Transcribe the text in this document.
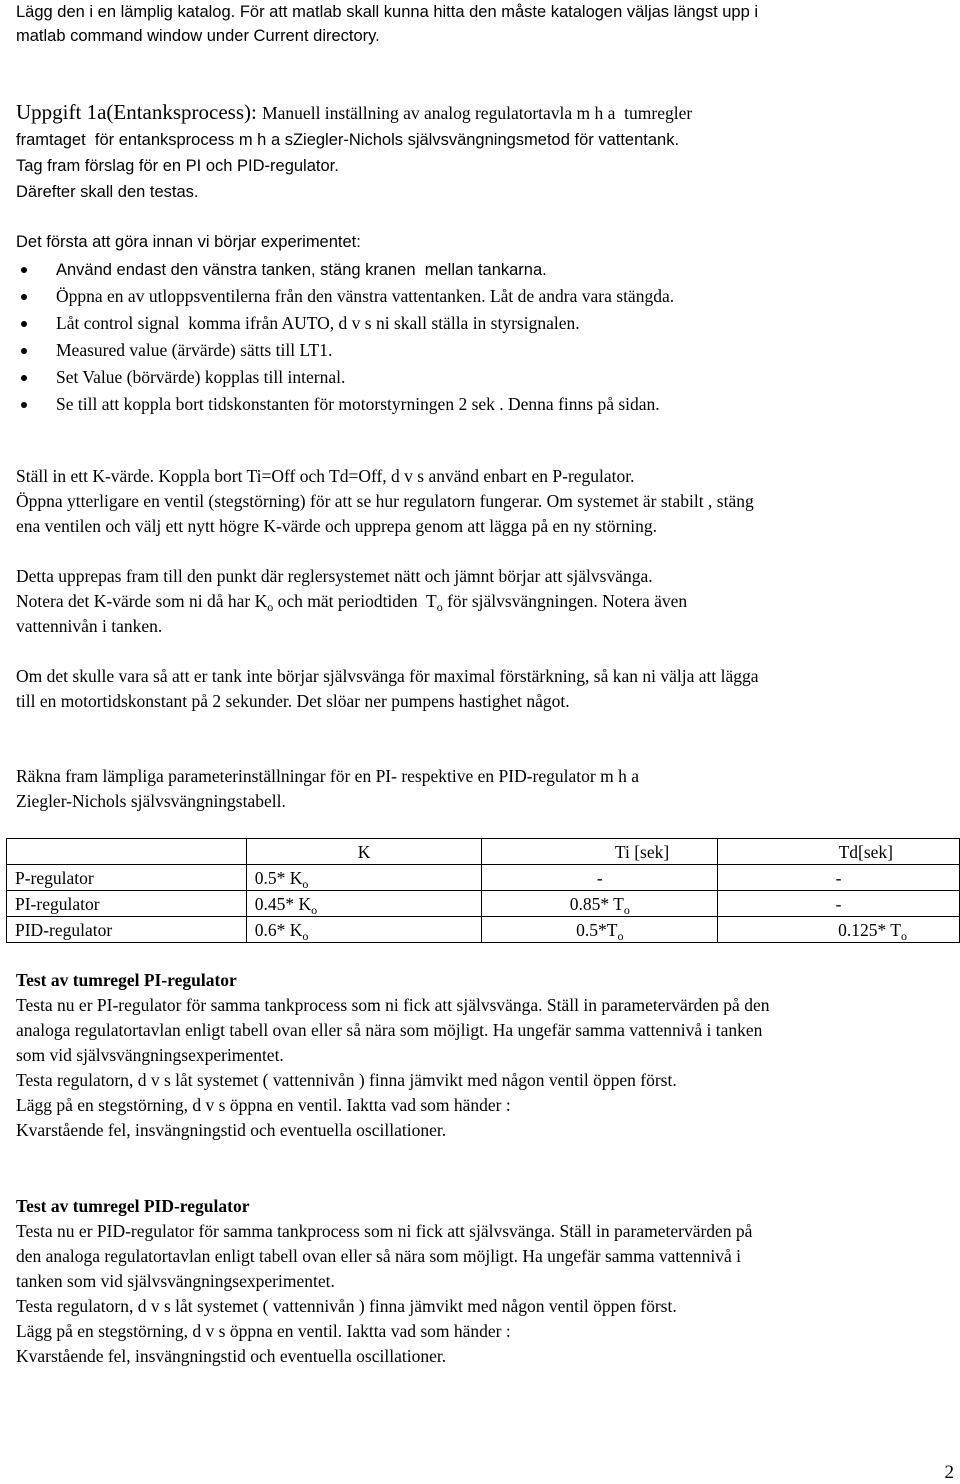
Lägg den i en lämplig katalog. För att matlab skall kunna hitta den måste katalogen väljas längst upp i
matlab command window under Current directory.
Uppgift 1a(Entanksprocess): Manuell inställning av analog regulatortavla m h a  tumregler
framtaget  för entanksprocess m h a sZiegler-Nichols självsvängningsmetod för vattentank.
Tag fram förslag för en PI och PID-regulator.
Därefter skall den testas.
Det första att göra innan vi börjar experimentet:
Använd endast den vänstra tanken, stäng kranen  mellan tankarna.
Öppna en av utloppsventilerna från den vänstra vattentanken. Låt de andra vara stängda.
Låt control signal  komma ifrån AUTO, d v s ni skall ställa in styrsignalen.
Measured value (ärvärde) sätts till LT1.
Set Value (börvärde) kopplas till internal.
Se till att koppla bort tidskonstanten för motorstyrningen 2 sek . Denna finns på sidan.
Ställ in ett K-värde. Koppla bort Ti=Off och Td=Off, d v s använd enbart en P-regulator.
Öppna ytterligare en ventil (stegstörning) för att se hur regulatorn fungerar. Om systemet är stabilt , stäng
ena ventilen och välj ett nytt högre K-värde och upprepa genom att lägga på en ny störning.
Detta upprepas fram till den punkt där reglersystemet nätt och jämnt börjar att självsvänga.
Notera det K-värde som ni då har $K_o$ och mät periodtiden  $T_o$ för självsvängningen. Notera även
vattennivån i tanken.
Om det skulle vara så att er tank inte börjar självsvänga för maximal förstärkning, så kan ni välja att lägga
till en motortidskonstant på 2 sekunder. Det slöar ner pumpens hastighet något.
Räkna fram lämpliga parameterinställningar för en PI- respektive en PID-regulator m h a
Ziegler-Nichols självsvängningstabell.
	K	Ti [sek]	Td[sek]
P-regulator	0.5* $K_o$	-	-
PI-regulator	0.45* $K_o$	0.85* $T_o$	-
PID-regulator	0.6* $K_o$	$0.5*T_o$	0.125* $T_o$
Test av tumregel PI-regulator
Testa nu er PI-regulator för samma tankprocess som ni fick att självsvänga. Ställ in parametervärden på den
analoga regulatortavlan enligt tabell ovan eller så nära som möjligt. Ha ungefär samma vattennivå i tanken
som vid självsvängningsexperimentet.
Testa regulatorn, d v s låt systemet ( vattennivån ) finna jämvikt med någon ventil öppen först.
Lägg på en stegstörning, d v s öppna en ventil. Iaktta vad som händer :
Kvarstående fel, insvängningstid och eventuella oscillationer.
Test av tumregel PID-regulator
Testa nu er PID-regulator för samma tankprocess som ni fick att självsvänga. Ställ in parametervärden på
den analoga regulatortavlan enligt tabell ovan eller så nära som möjligt. Ha ungefär samma vattennivå i
tanken som vid självsvängningsexperimentet.
Testa regulatorn, d v s låt systemet ( vattennivån ) finna jämvikt med någon ventil öppen först.
Lägg på en stegstörning, d v s öppna en ventil. Iaktta vad som händer :
Kvarstående fel, insvängningstid och eventuella oscillationer.
2
